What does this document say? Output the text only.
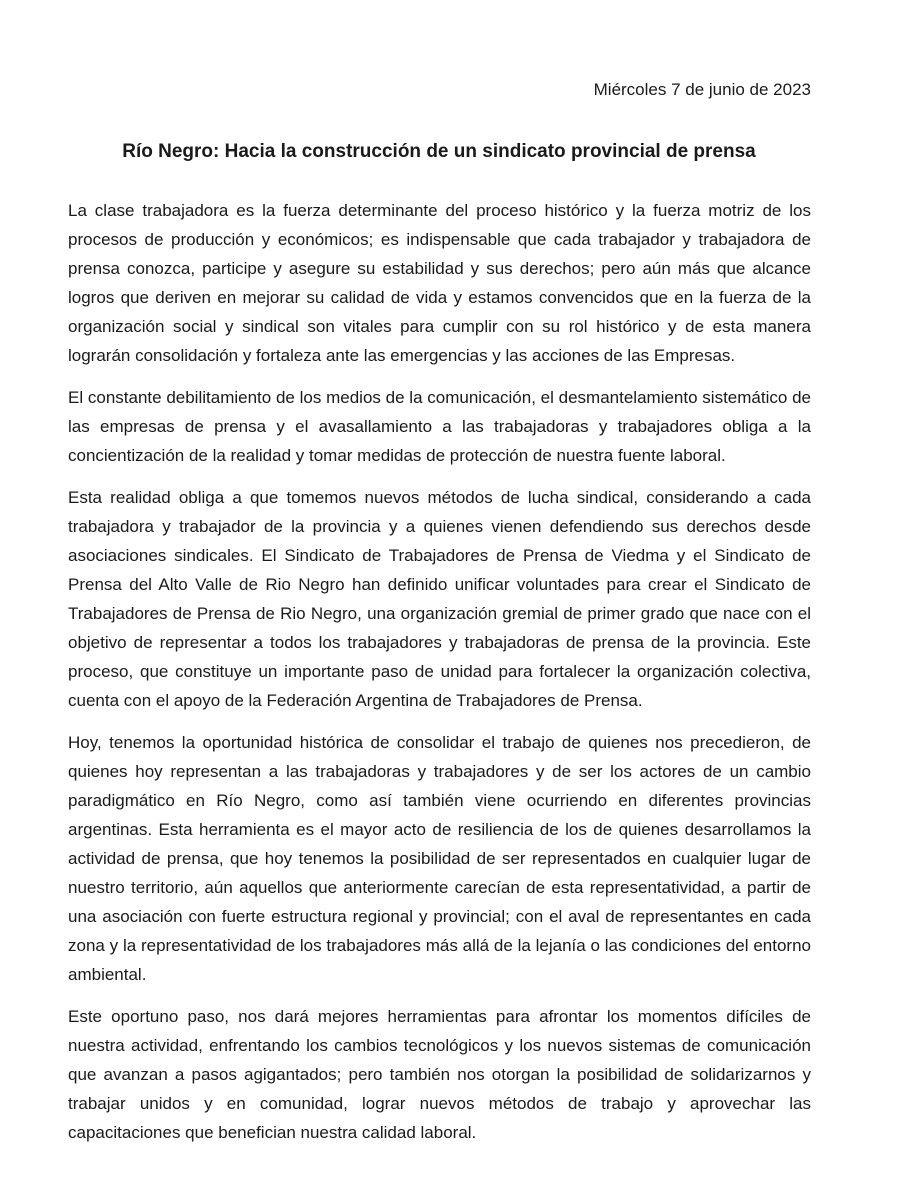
Miércoles 7 de junio de 2023
Río Negro: Hacia la construcción de un sindicato provincial de prensa

La clase trabajadora es la fuerza determinante del proceso histórico y la fuerza motriz de los procesos de producción y económicos; es indispensable que cada trabajador y trabajadora de prensa conozca, participe y asegure su estabilidad y sus derechos; pero aún más que alcance logros que deriven en mejorar su calidad de vida y estamos convencidos que en la fuerza de la organización social y sindical son vitales para cumplir con su rol histórico y de esta manera lograrán consolidación y fortaleza ante las emergencias y las acciones de las Empresas.

El constante debilitamiento de los medios de la comunicación, el desmantelamiento sistemático de las empresas de prensa y el avasallamiento a las trabajadoras y trabajadores obliga a la concientización de la realidad y tomar medidas de protección de nuestra fuente laboral.

Esta realidad obliga a que tomemos nuevos métodos de lucha sindical, considerando a cada trabajadora y trabajador de la provincia y a quienes vienen defendiendo sus derechos desde asociaciones sindicales. El Sindicato de Trabajadores de Prensa de Viedma y el Sindicato de Prensa del Alto Valle de Rio Negro han definido unificar voluntades para crear el Sindicato de Trabajadores de Prensa de Rio Negro, una organización gremial de primer grado que nace con el objetivo de representar a todos los trabajadores y trabajadoras de prensa de la provincia. Este proceso, que constituye un importante paso de unidad para fortalecer la organización colectiva, cuenta con el apoyo de la Federación Argentina de Trabajadores de Prensa.

Hoy, tenemos la oportunidad histórica de consolidar el trabajo de quienes nos precedieron, de quienes hoy representan a las trabajadoras y trabajadores y de ser los actores de un cambio paradigmático en Río Negro, como así también viene ocurriendo en diferentes provincias argentinas. Esta herramienta es el mayor acto de resiliencia de los de quienes desarrollamos la actividad de prensa, que hoy tenemos la posibilidad de ser representados en cualquier lugar de nuestro territorio, aún aquellos que anteriormente carecían de esta representatividad, a partir de una asociación con fuerte estructura regional y provincial; con el aval de representantes en cada zona y la representatividad de los trabajadores más allá de la lejanía o las condiciones del entorno ambiental.

Este oportuno paso, nos dará mejores herramientas para afrontar los momentos difíciles de nuestra actividad, enfrentando los cambios tecnológicos y los nuevos sistemas de comunicación que avanzan a pasos agigantados; pero también nos otorgan la posibilidad de solidarizarnos y trabajar unidos y en comunidad, lograr nuevos métodos de trabajo y aprovechar las capacitaciones que benefician nuestra calidad laboral.
